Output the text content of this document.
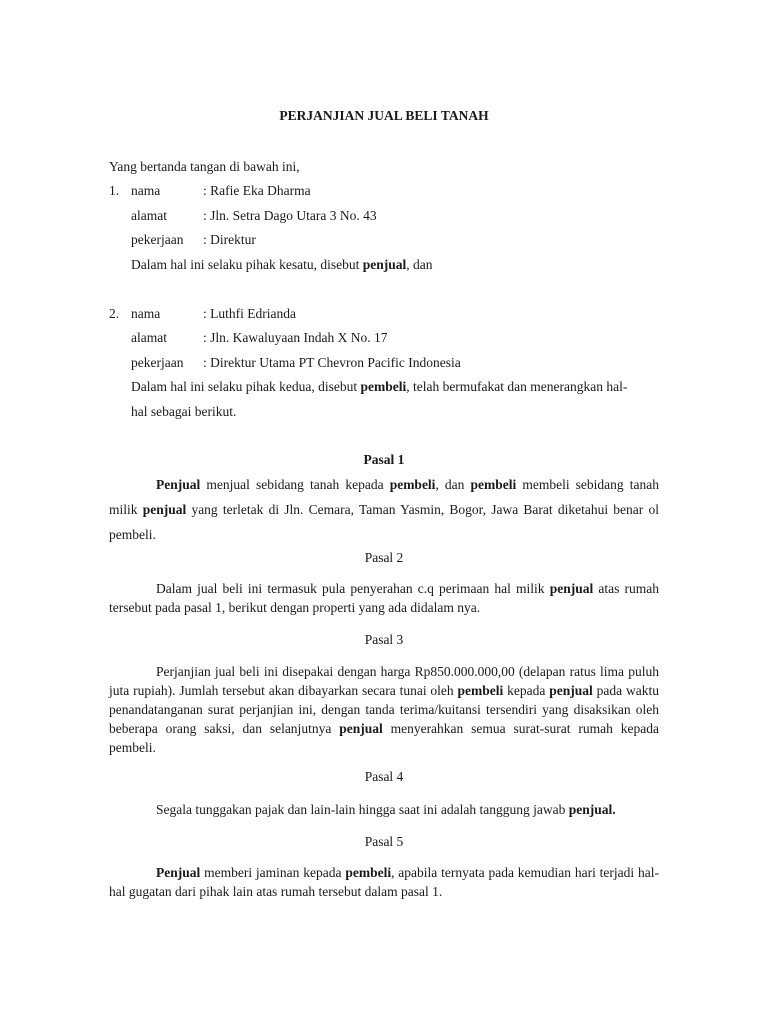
PERJANJIAN JUAL BELI TANAH
Yang bertanda tangan di bawah ini,
1. nama	: Rafie Eka Dharma
alamat	: Jln. Setra Dago Utara 3 No. 43
pekerjaan : Direktur
Dalam hal ini selaku pihak kesatu, disebut penjual, dan
2. nama	: Luthfi Edrianda
alamat	: Jln. Kawaluyaan Indah X No. 17
pekerjaan : Direktur Utama PT Chevron Pacific Indonesia
Dalam hal ini selaku pihak kedua, disebut pembeli, telah bermufakat dan menerangkan hal-
hal sebagai berikut.
Pasal 1
Penjual menjual sebidang tanah kepada pembeli, dan pembeli membeli sebidang tanah milik penjual yang terletak di Jln. Cemara, Taman Yasmin, Bogor, Jawa Barat diketahui benar ol pembeli.
Pasal 2
Dalam jual beli ini termasuk pula penyerahan c.q perimaan hal milik penjual atas rumah tersebut pada pasal 1, berikut dengan properti yang ada didalam nya.
Pasal 3
Perjanjian jual beli ini disepakai dengan harga Rp850.000.000,00 (delapan ratus lima puluh juta rupiah). Jumlah tersebut akan dibayarkan secara tunai oleh pembeli kepada penjual pada waktu penandatanganan surat perjanjian ini, dengan tanda terima/kuitansi tersendiri yang disaksikan oleh beberapa orang saksi, dan selanjutnya penjual menyerahkan semua surat-surat rumah kepada pembeli.
Pasal 4
Segala tunggakan pajak dan lain-lain hingga saat ini adalah tanggung jawab penjual.
Pasal 5
Penjual memberi jaminan kepada pembeli, apabila ternyata pada kemudian hari terjadi hal-hal gugatan dari pihak lain atas rumah tersebut dalam pasal 1.
